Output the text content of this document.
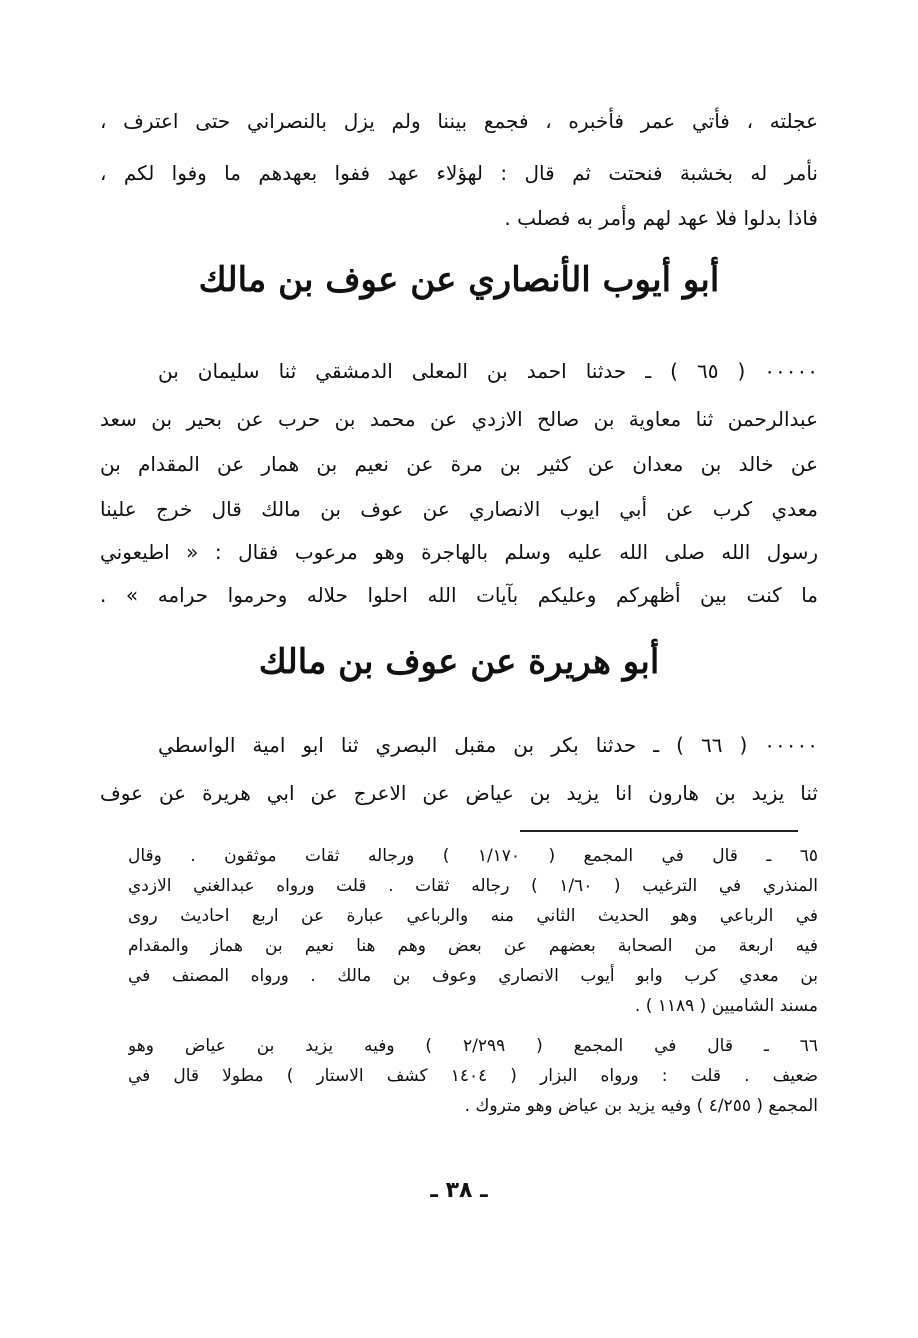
عجلته ، فأتي عمر فأخبره ، فجمع بيننا ولم يزل بالنصراني حتى اعترف ،
نأمر له بخشبة فنحتت ثم قال : لهؤلاء عهد ففوا بعهدهم ما وفوا لكم ،
فاذا بدلوا فلا عهد لهم وأمر به فصلب .
أبو أيوب الأنصاري عن عوف بن مالك
٠٠٠٠٠ ( ٦٥ ) ـ حدثنا احمد بن المعلى الدمشقي ثنا سليمان بن
عبدالرحمن ثنا معاوية بن صالح الازدي عن محمد بن حرب عن بحير بن سعد
عن خالد بن معدان عن كثير بن مرة عن نعيم بن همار عن المقدام بن
معدي كرب عن أبي ايوب الانصاري عن عوف بن مالك قال خرج علينا
رسول الله صلى الله عليه وسلم بالهاجرة وهو مرعوب فقال : « اطيعوني
ما كنت بين أظهركم وعليكم بآيات الله احلوا حلاله وحرموا حرامه » .
أبو هريرة عن عوف بن مالك
٠٠٠٠٠ ( ٦٦ ) ـ حدثنا بكر بن مقبل البصري ثنا ابو امية الواسطي
ثنا يزيد بن هارون انا يزيد بن عياض عن الاعرج عن ابي هريرة عن عوف
٦٥ ـ قال في المجمع ( ١/١٧٠ ) ورجاله ثقات موثقون . وقال
المنذري في الترغيب ( ١/٦٠ ) رجاله ثقات . قلت ورواه عبدالغني الازدي
في الرباعي وهو الحديث الثاني منه والرباعي عبارة عن اربع احاديث روى
فيه اربعة من الصحابة بعضهم عن بعض وهم هنا نعيم بن هماز والمقدام
بن معدي كرب وابو أيوب الانصاري وعوف بن مالك . ورواه المصنف في
مسند الشاميين ( ١١٨٩ ) .
٦٦ ـ قال في المجمع ( ٢/٢٩٩ ) وفيه يزيد بن عياض وهو
ضعيف . قلت : ورواه البزار ( ١٤٠٤ كشف الاستار ) مطولا قال في
المجمع ( ٤/٢٥٥ ) وفيه يزيد بن عياض وهو متروك .
ـ ٣٨ ـ
